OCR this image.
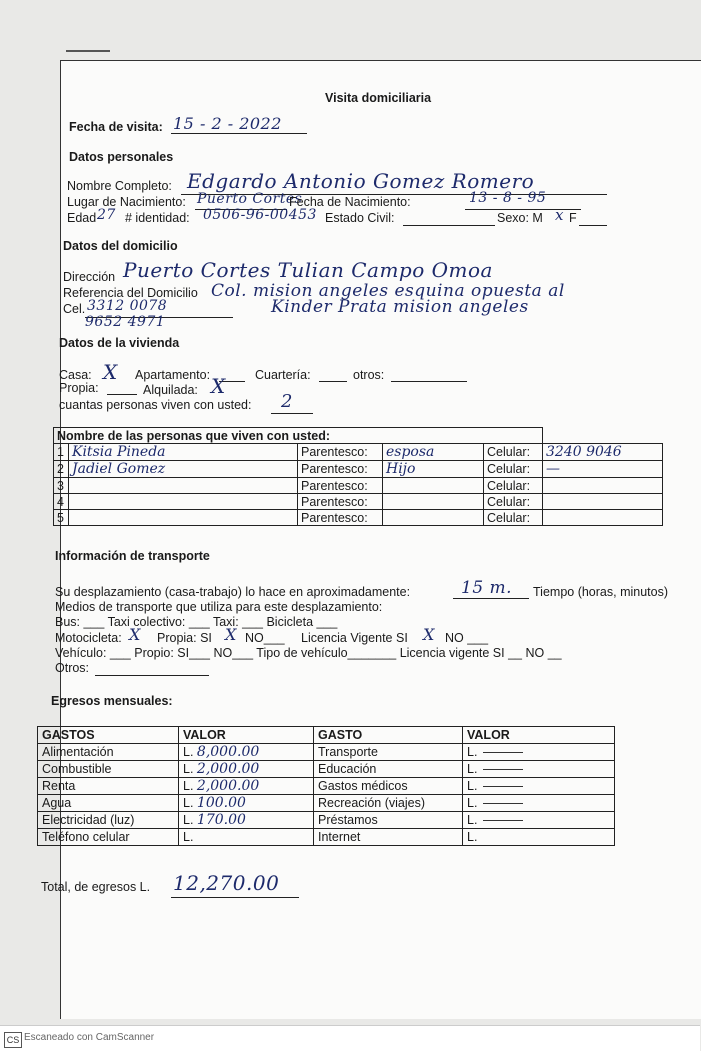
Visita domiciliaria
Fecha de visita: 15 - 2 - 2022
Datos personales
Nombre Completo: Edgardo Antonio Gomez Romero
Lugar de Nacimiento: Puerto Cortes
Fecha de Nacimiento:	13 - 8 - 95
Edad 27 # identidad: 0506-96-00453 Estado Civil:	Sexo: M x F
Datos del domicilio
Dirección Puerto Cortes Tulian Campo Omoa
Referencia del Domicilio Col. mision angeles esquina opuesta al
Cel. 3312 0078	Kinder Prata mision angeles
9652 4971
Datos de la vivienda
Casa: X Apartamento:	Cuartería:	otros:
Propia:	Alquilada: X
cuantas personas viven con usted: 2
Nombre de las personas que viven con usted:					
1	Kitsia Pineda	Parentesco:	esposa	Celular:	3240 9046
2	Jadiel Gomez	Parentesco:	Hijo	Celular:	—
3		Parentesco:		Celular:	
4		Parentesco:		Celular:	
5		Parentesco:		Celular:	
Información de transporte
Su desplazamiento (casa-trabajo) lo hace en aproximadamente:	15 m. Tiempo (horas, minutos)
Medios de transporte que utiliza para este desplazamiento:
Bus: ___ Taxi colectivo: ___ Taxi: ___ Bicicleta ___
Motocicleta: X Propia: SI X NO___ Licencia Vigente SI X NO ___
Vehículo: ___ Propio: SI___ NO___ Tipo de vehículo_______ Licencia vigente SI __ NO __
Otros:
Egresos mensuales:
GASTOS	VALOR	GASTO	VALOR
Alimentación	L. 8,000.00	Transporte	L.
Combustible	L. 2,000.00	Educación	L.
Renta	L. 2,000.00	Gastos médicos	L.
Agua	L. 100.00	Recreación (viajes)	L.
Electricidad (luz)	L. 170.00	Préstamos	L.
Teléfono celular	L.	Internet	L.
Total, de egresos L. 12,270.00
CS Escaneado con CamScanner
